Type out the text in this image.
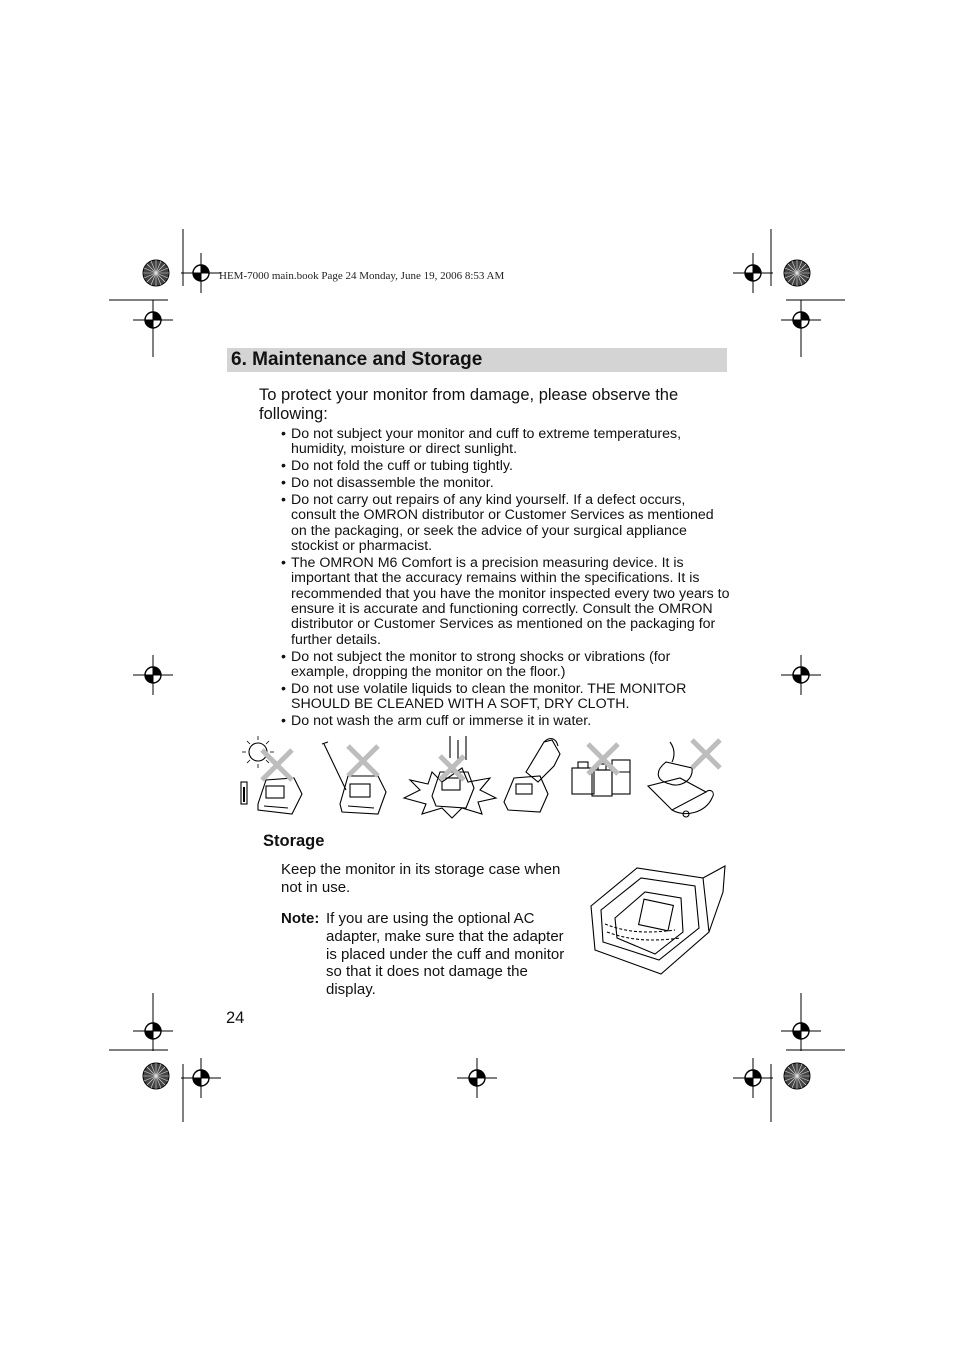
HEM-7000 main.book Page 24 Monday, June 19, 2006 8:53 AM
6. Maintenance and Storage
To protect your monitor from damage, please observe the following:
• Do not subject your monitor and cuff to extreme temperatures, humidity, moisture or direct sunlight.
• Do not fold the cuff or tubing tightly.
• Do not disassemble the monitor.
• Do not carry out repairs of any kind yourself. If a defect occurs, consult the OMRON distributor or Customer Services as mentioned on the packaging, or seek the advice of your surgical appliance stockist or pharmacist.
• The OMRON M6 Comfort is a precision measuring device. It is important that the accuracy remains within the specifications. It is recommended that you have the monitor inspected every two years to ensure it is accurate and functioning correctly. Consult the OMRON distributor or Customer Services as mentioned on the packaging for further details.
• Do not subject the monitor to strong shocks or vibrations (for example, dropping the monitor on the floor.)
• Do not use volatile liquids to clean the monitor. THE MONITOR SHOULD BE CLEANED WITH A SOFT, DRY CLOTH.
• Do not wash the arm cuff or immerse it in water.
Storage
Keep the monitor in its storage case when not in use.
Note: If you are using the optional AC adapter, make sure that the adapter is placed under the cuff and monitor so that it does not damage the display.
24
